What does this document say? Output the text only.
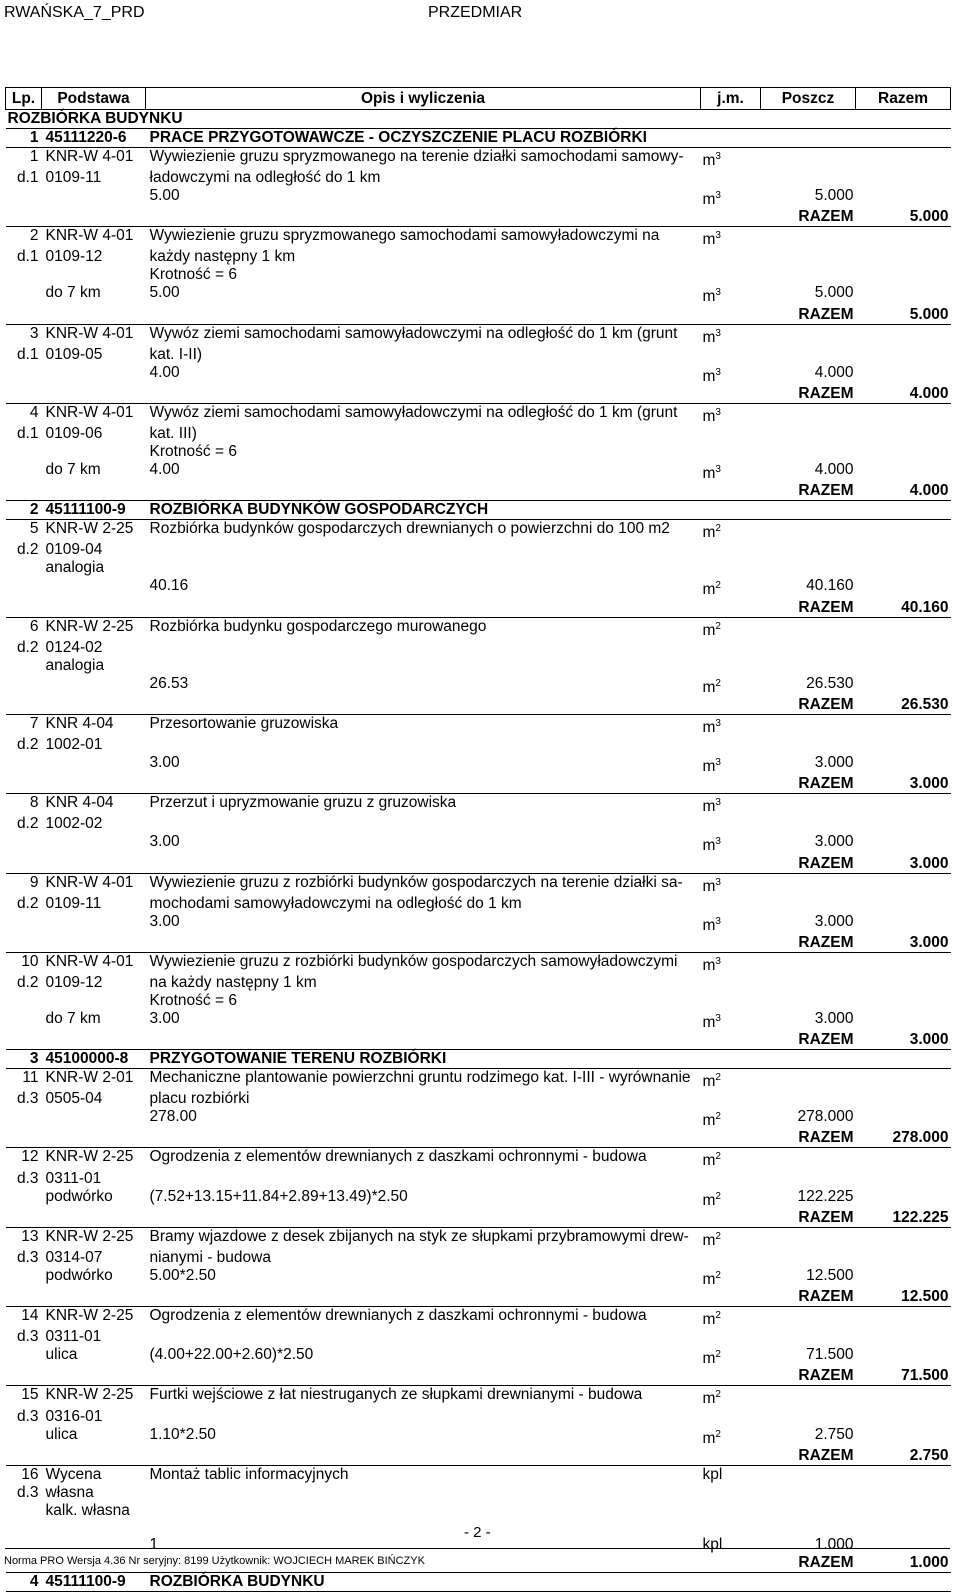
RWAŃSKA_7_PRD	PRZEDMIAR
Lp.	Podstawa	Opis i wyliczenia	j.m.	Poszcz	Razem
ROZBIÓRKA BUDYNKU					
1	45111220-6	PRACE PRZYGOTOWAWCZE - OCZYSZCZENIE PLACU ROZBIÓRKI			
1	KNR-W 4-01	Wywiezienie gruzu spryzmowanego na terenie działki samochodami samowy-	$m^3$		
d.1	0109-11	ładowczymi na odległość do 1 km			
		5.00	$m^3$	5.000	
				RAZEM	5.000
2	KNR-W 4-01	Wywiezienie gruzu spryzmowanego samochodami samowyładowczymi na	$m^3$		
d.1	0109-12	każdy następny 1 km			
		Krotność = 6			
	do 7 km	5.00	$m^3$	5.000	
				RAZEM	5.000
3	KNR-W 4-01	Wywóz ziemi samochodami samowyładowczymi na odległość do 1 km (grunt	$m^3$		
d.1	0109-05	kat. I-II)			
		4.00	$m^3$	4.000	
				RAZEM	4.000
4	KNR-W 4-01	Wywóz ziemi samochodami samowyładowczymi na odległość do 1 km (grunt	$m^3$		
d.1	0109-06	kat. III)			
		Krotność = 6			
	do 7 km	4.00	$m^3$	4.000	
				RAZEM	4.000
2	45111100-9	ROZBIÓRKA BUDYNKÓW GOSPODARCZYCH			
5	KNR-W 2-25	Rozbiórka budynków gospodarczych drewnianych o powierzchni do 100 m2	$m^2$		
d.2	0109-04				
	analogia				
		40.16	$m^2$	40.160	
				RAZEM	40.160
6	KNR-W 2-25	Rozbiórka budynku gospodarczego murowanego	$m^2$		
d.2	0124-02				
	analogia				
		26.53	$m^2$	26.530	
				RAZEM	26.530
7	KNR 4-04	Przesortowanie gruzowiska	$m^3$		
d.2	1002-01				
		3.00	$m^3$	3.000	
				RAZEM	3.000
8	KNR 4-04	Przerzut i upryzmowanie gruzu z gruzowiska	$m^3$		
d.2	1002-02				
		3.00	$m^3$	3.000	
				RAZEM	3.000
9	KNR-W 4-01	Wywiezienie gruzu z rozbiórki budynków gospodarczych na terenie działki sa-	$m^3$		
d.2	0109-11	mochodami samowyładowczymi na odległość do 1 km			
		3.00	$m^3$	3.000	
				RAZEM	3.000
10	KNR-W 4-01	Wywiezienie gruzu z rozbiórki budynków gospodarczych samowyładowczymi	$m^3$		
d.2	0109-12	na każdy następny 1 km			
		Krotność = 6			
	do 7 km	3.00	$m^3$	3.000	
				RAZEM	3.000
3	45100000-8	PRZYGOTOWANIE TERENU ROZBIÓRKI			
11	KNR-W 2-01	Mechaniczne plantowanie powierzchni gruntu rodzimego kat. I-III - wyrównanie	$m^2$		
d.3	0505-04	placu rozbiórki			
		278.00	$m^2$	278.000	
				RAZEM	278.000
12	KNR-W 2-25	Ogrodzenia z elementów drewnianych z daszkami ochronnymi - budowa	$m^2$		
d.3	0311-01				
	podwórko	(7.52+13.15+11.84+2.89+13.49)*2.50	$m^2$	122.225	
				RAZEM	122.225
13	KNR-W 2-25	Bramy wjazdowe z desek zbijanych na styk ze słupkami przybramowymi drew-	$m^2$		
d.3	0314-07	nianymi - budowa			
	podwórko	5.00*2.50	$m^2$	12.500	
				RAZEM	12.500
14	KNR-W 2-25	Ogrodzenia z elementów drewnianych z daszkami ochronnymi - budowa	$m^2$		
d.3	0311-01				
	ulica	(4.00+22.00+2.60)*2.50	$m^2$	71.500	
				RAZEM	71.500
15	KNR-W 2-25	Furtki wejściowe z łat niestruganych ze słupkami drewnianymi - budowa	$m^2$		
d.3	0316-01				
	ulica	1.10*2.50	$m^2$	2.750	
				RAZEM	2.750
16	Wycena	Montaż tablic informacyjnych	kpl		
d.3	własna				
	kalk. własna				

		1	kpl	1.000	
				RAZEM	1.000
4	45111100-9	ROZBIÓRKA BUDYNKU			
- 2 -
Norma PRO Wersja 4.36 Nr seryjny: 8199 Użytkownik: WOJCIECH MAREK BIŃCZYK
